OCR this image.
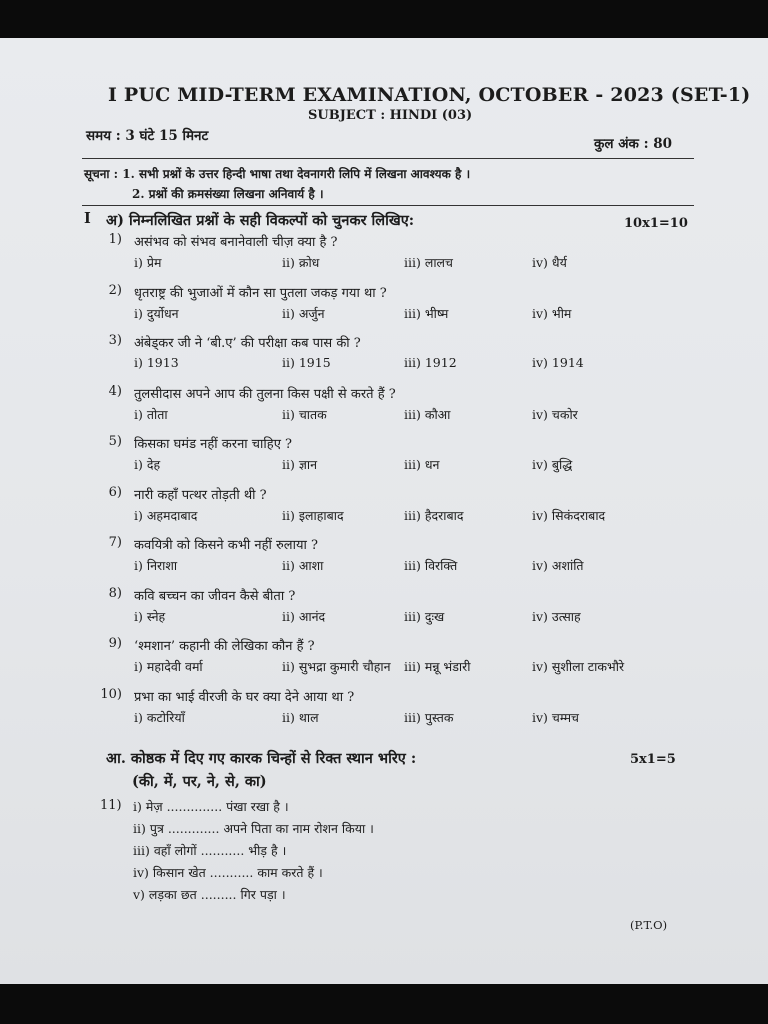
I PUC MID-TERM EXAMINATION, OCTOBER - 2023 (SET-1)
SUBJECT : HINDI (03)
समय : 3 घंटे 15 मिनट	कुल अंक : 80
सूचना : 1. सभी प्रश्नों के उत्तर हिन्दी भाषा तथा देवनागरी लिपि में लिखना आवश्यक है ।
2. प्रश्नों की क्रमसंख्या लिखना अनिवार्य है ।
I अ) निम्नलिखित प्रश्नों के सही विकल्पों को चुनकर लिखिए:	10x1=10
1) असंभव को संभव बनानेवाली चीज़ क्या है ?
i) प्रेम	ii) क्रोध	iii) लालच	iv) धैर्य
2) धृतराष्ट्र की भुजाओं में कौन सा पुतला जकड़ गया था ?
i) दुर्योधन	ii) अर्जुन	iii) भीष्म	iv) भीम
3) अंबेड्कर जी ने ‘बी.ए’ की परीक्षा कब पास की ?
i) 1913	ii) 1915	iii) 1912	iv) 1914
4) तुलसीदास अपने आप की तुलना किस पक्षी से करते हैं ?
i) तोता	ii) चातक	iii) कौआ	iv) चकोर
5) किसका घमंड नहीं करना चाहिए ?
i) देह	ii) ज्ञान	iii) धन	iv) बुद्धि
6) नारी कहाँ पत्थर तोड़ती थी ?
i) अहमदाबाद	ii) इलाहाबाद	iii) हैदराबाद	iv) सिकंदराबाद
7) कवयित्री को किसने कभी नहीं रुलाया ?
i) निराशा	ii) आशा	iii) विरक्ति	iv) अशांति
8) कवि बच्चन का जीवन कैसे बीता ?
i) स्नेह	ii) आनंद	iii) दुःख	iv) उत्साह
9) ‘श्मशान’ कहानी की लेखिका कौन हैं ?
i) महादेवी वर्मा	ii) सुभद्रा कुमारी चौहान iii) मन्नू भंडारी	iv) सुशीला टाकभौरे
10) प्रभा का भाई वीरजी के घर क्या देने आया था ?
i) कटोरियाँ	ii) थाल	iii) पुस्तक	iv) चम्मच
आ. कोष्ठक में दिए गए कारक चिन्हों से रिक्त स्थान भरिए :
(की, में, पर, ने, से, का)
5x1=5
11) i) मेज़ .............. पंखा रखा है ।
ii) पुत्र ............. अपने पिता का नाम रोशन किया ।
iii) वहाँ लोगों ........... भीड़ है ।
iv) किसान खेत ........... काम करते हैं ।
v) लड़का छत ......... गिर पड़ा ।
(P.T.O)
